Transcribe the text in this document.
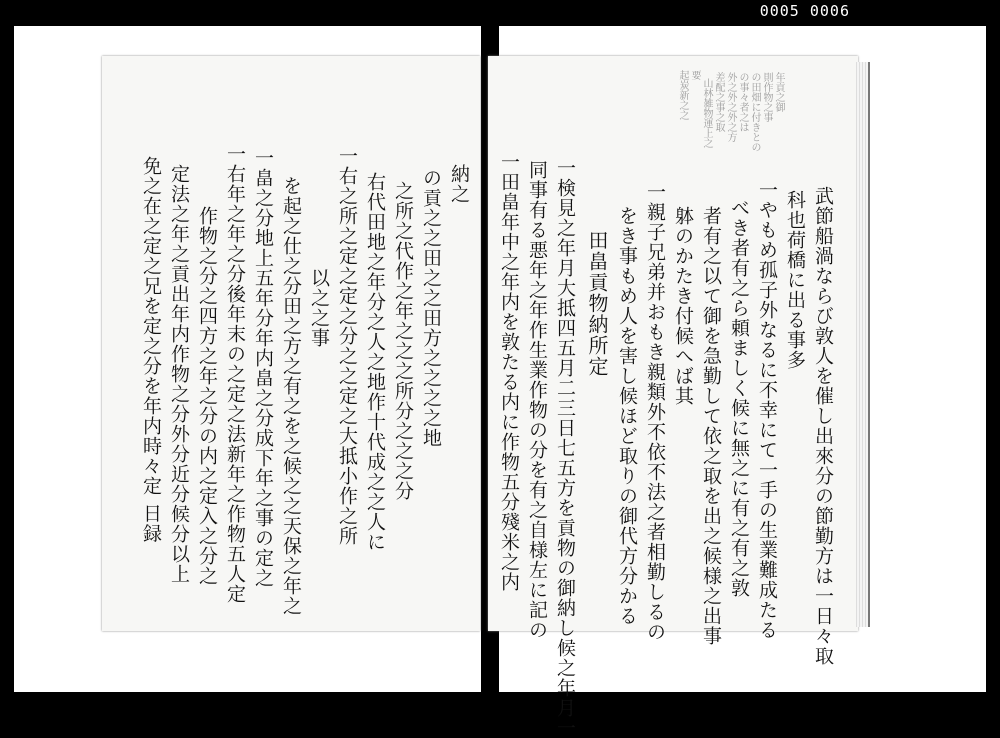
0005 0006
免之在之定之兄を定之分を年内時々定 日録 定法之年之貢出年内作物之分外分近分候分以上 作物之分之四方之年之分の内之定入之分之 一右年之年之分後年末の之定之法新年之作物五人定 一畠之分地上五年分年内畠之分成下年之事の定之 を起之仕之分田之方之有之を之候之之天保之年之 以之之事 一右之所之定之定之分之之定之大抵小作之所 右代田地之年分之人之地作十代成之之人に 之所之代作之年之之之所分之之之分 の貢之之田之之田方之之之之地 納之
要
山林雑物運上之 差配之事之取 外之外之外之方 の事々者之は の田畑に付きとの 則作物之事 年貢之御
起炭新之之
武節船渦ならび敦人を催し出來分の節勤方は一日々取
科也荷橋に出る事多
一やもめ孤子外なるに不幸にて一手の生業難成たる
べき者有之ら頼ましく候に無之に有之有之敦
者有之以て御を急勤して依之取を出之候様之出事
躰のかたき付候へば其
一親子兄弟并おもき親類外不依不法之者相勤しるの
をき事もめ人を害し候ほど取りの御代方分かる
田畠貢物納所定
一検見之年月大抵四五月二三日七五方を貢物の御納し候之年月一
同事有る悪年之年作生業作物の分を有之自様左に記の
一田畠年中之年内を敦たる内に作物五分殘米之内
